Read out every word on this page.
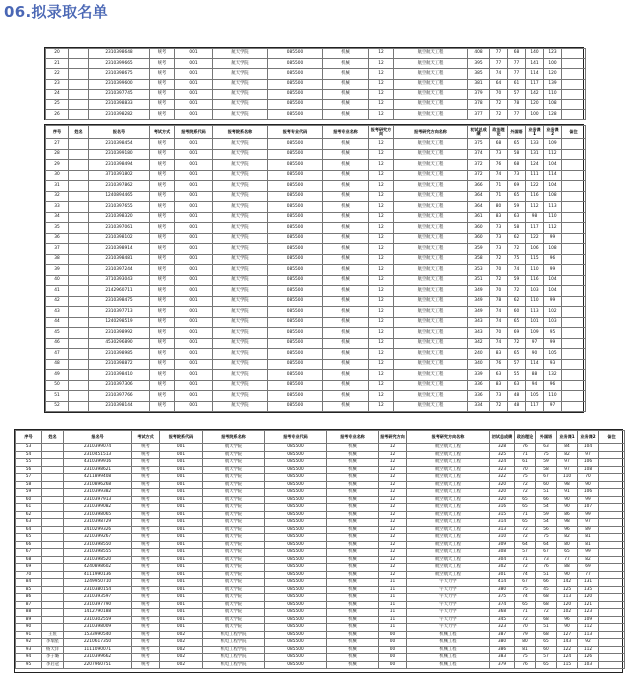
06.拟录取名单
20		2310398648	统考	001	航天学院	085500	机械	12	航空航天工程	408	77	68	140	123	
21		2310399665	统考	001	航天学院	085500	机械	12	航空航天工程	395	77	77	141	100	
22		2310398675	统考	001	航天学院	085500	机械	12	航空航天工程	385	74	77	114	120	
23		2310399600	统考	001	航天学院	085500	机械	12	航空航天工程	381	64	61	117	139	
24		2310397745	统考	001	航天学院	085500	机械	12	航空航天工程	379	70	57	142	110	
25		2310398833	统考	001	航天学院	085500	机械	12	航空航天工程	378	72	78	120	108	
26		2310398282	统考	001	航天学院	085500	机械	12	航空航天工程	377	72	77	100	128	
序号	姓名	报名号	考试方式	报考院系代码	报考院系名称	报考专业代码	报考专业名称	报考研究方向	报考研究方向名称	初试总成绩	政治理论	外国语	业务课1	业务课2	备注
27		2310398454	统考	001	航天学院	085500	机械	12	航空航天工程	375	68	65	133	109	
28		2310399180	统考	001	航天学院	085500	机械	12	航空航天工程	374	73	58	131	112	
29		2310398494	统考	001	航天学院	085500	机械	12	航空航天工程	372	76	68	124	104	
30		3710391802	统考	001	航天学院	085500	机械	12	航空航天工程	372	74	73	111	114	
31		2310397862	统考	001	航天学院	085500	机械	12	航空航天工程	366	71	69	122	104	
32		1240894465	统考	001	航天学院	085500	机械	12	航空航天工程	364	71	65	116	108	
33		2310397655	统考	001	航天学院	085500	机械	12	航空航天工程	364	80	59	112	113	
34		2310398320	统考	001	航天学院	085500	机械	12	航空航天工程	361	83	63	98	110	
35		2310397061	统考	001	航天学院	085500	机械	12	航空航天工程	360	73	58	117	112	
36		2310398102	统考	001	航天学院	085500	机械	12	航空航天工程	360	73	62	122	99	
37		2310398914	统考	001	航天学院	085500	机械	12	航空航天工程	359	73	72	106	108	
38		2310398481	统考	001	航天学院	085500	机械	12	航空航天工程	358	72	75	115	96	
39		2310397244	统考	001	航天学院	085500	机械	12	航空航天工程	353	70	74	110	99	
40		3710393043	统考	001	航天学院	085500	机械	12	航空航天工程	351	72	59	116	104	
41		2142960711	统考	001	航天学院	085500	机械	12	航空航天工程	349	70	72	103	104	
42		2310398475	统考	001	航天学院	085500	机械	12	航空航天工程	349	78	62	110	99	
43		2310397713	统考	001	航天学院	085500	机械	12	航空航天工程	349	74	60	113	102	
44		1240298519	统考	001	航天学院	085500	机械	12	航空航天工程	343	74	65	101	103	
45		2310398992	统考	001	航天学院	085500	机械	12	航空航天工程	343	70	69	109	95	
46		4530296890	统考	001	航天学院	085500	机械	12	航空航天工程	342	74	72	97	99	
47		2310398985	统考	001	航天学院	085500	机械	12	航空航天工程	240	83	65	90	105	
48		2310398872	统考	001	航天学院	085500	机械	12	航空航天工程	340	76	57	114	93	
49		2310398410	统考	001	航天学院	085500	机械	12	航空航天工程	339	63	55	88	132	
50		2310397306	统考	001	航天学院	085500	机械	12	航空航天工程	336	83	63	94	96	
51		2310397766	统考	001	航天学院	085500	机械	12	航空航天工程	336	73	48	105	110	
52		2310398144	统考	001	航天学院	085500	机械	12	航空航天工程	334	72	48	117	97	
序号	姓名	报名号	考试方式	报考院系代码	报考院系名称	报考专业代码	报考专业名称	报考研究方向	报考研究方向名称	初试总成绩	政治理论	外国语	业务课1	业务课2	备注
53		2310399074	统考	001	航天学院	085500	机械	12	航空航天工程	328	76	63	84	104	
54		2310451513	统考	001	航天学院	085500	机械	12	航空航天工程	325	71	75	82	97	
55		4310399916	统考	001	航天学院	085500	机械	12	航空航天工程	324	61	59	97	106	
56		2310398621	统考	001	航天学院	085500	机械	12	航空航天工程	323	70	58	97	108	
57		4211899408	统考	001	航天学院	085500	机械	12	航空航天工程	322	75	67	110	70	
58		2310896268	统考	001	航天学院	085500	机械	12	航空航天工程	320	72	60	98	90	
59		2310399382	统考	001	航天学院	085500	机械	12	航空航天工程	320	72	51	91	106	
60		2310397913	统考	001	航天学院	085500	机械	12	航空航天工程	320	65	66	90	99	
61		2310399082	统考	001	航天学院	085500	机械	12	航空航天工程	316	65	54	90	107	
62		2310398065	统考	001	航天学院	085500	机械	12	航空航天工程	315	71	59	86	99	
63		2310398729	统考	001	航天学院	085500	机械	12	航空航天工程	314	65	54	98	97	
64		2410299326	统考	001	航天学院	085500	机械	12	航空航天工程	313	72	56	96	89	
65		3210399267	统考	001	航天学院	085500	机械	12	航空航天工程	310	72	75	82	81	
66		2310398550	统考	001	航天学院	085500	机械	12	航空航天工程	309	64	64	80	81	
67		2310398555	统考	001	航天学院	085500	机械	12	航空航天工程	308	57	67	65	99	
68		2310398520	统考	001	航天学院	085500	机械	12	航空航天工程	304	71	73	77	82	
69		4240898602	统考	001	航天学院	085500	机械	12	航空航天工程	302	72	76	88	69	
70		4111990136	统考	001	航天学院	085500	机械	12	航空航天工程	301	74	51	90	77	
84		1249950710	统考	001	航天学院	085500	机械	11	宇天力学	414	67	66	142	131	
85		2310380154	统考	001	航天学院	085500	机械	11	宇天力学	380	75	45	125	135	
86		2310393597	统考	001	航天学院	085500	机械	11	宇天力学	375	74	68	113	120	
87		2310397790	统考	001	航天学院	085500	机械	11	宇天力学	374	65	68	120	121	
88		1412790188	统考	001	航天学院	085500	机械	11	宇天力学	368	71	72	102	123	
89		2310302559	统考	001	航天学院	085500	机械	11	宇天力学	345	72	68	96	109	
90		2310398009	统考	001	航天学院	085500	机械	11	宇天力学	323	70	51	90	112	
91	王鱼	1533990540	统考	002	机电工程学院	085500	机械	00	机械工程	387	79	68	127	113	
92	李瑞星	2210617350	统考	002	机电工程学院	085500	机械	00	机械工程	380	80	65	143	92	
93	杨天洋	1111090071	统考	002	机电工程学院	085500	机械	00	机械工程	386	81	60	122	112	
94	李子璐	2310399662	统考	002	机电工程学院	085500	机械	00	机械工程	383	75	57	124	126	
95	李启冠	2207960751	统考	002	机电工程学院	085500	机械	00	机械工程	379	76	65	115	103	
